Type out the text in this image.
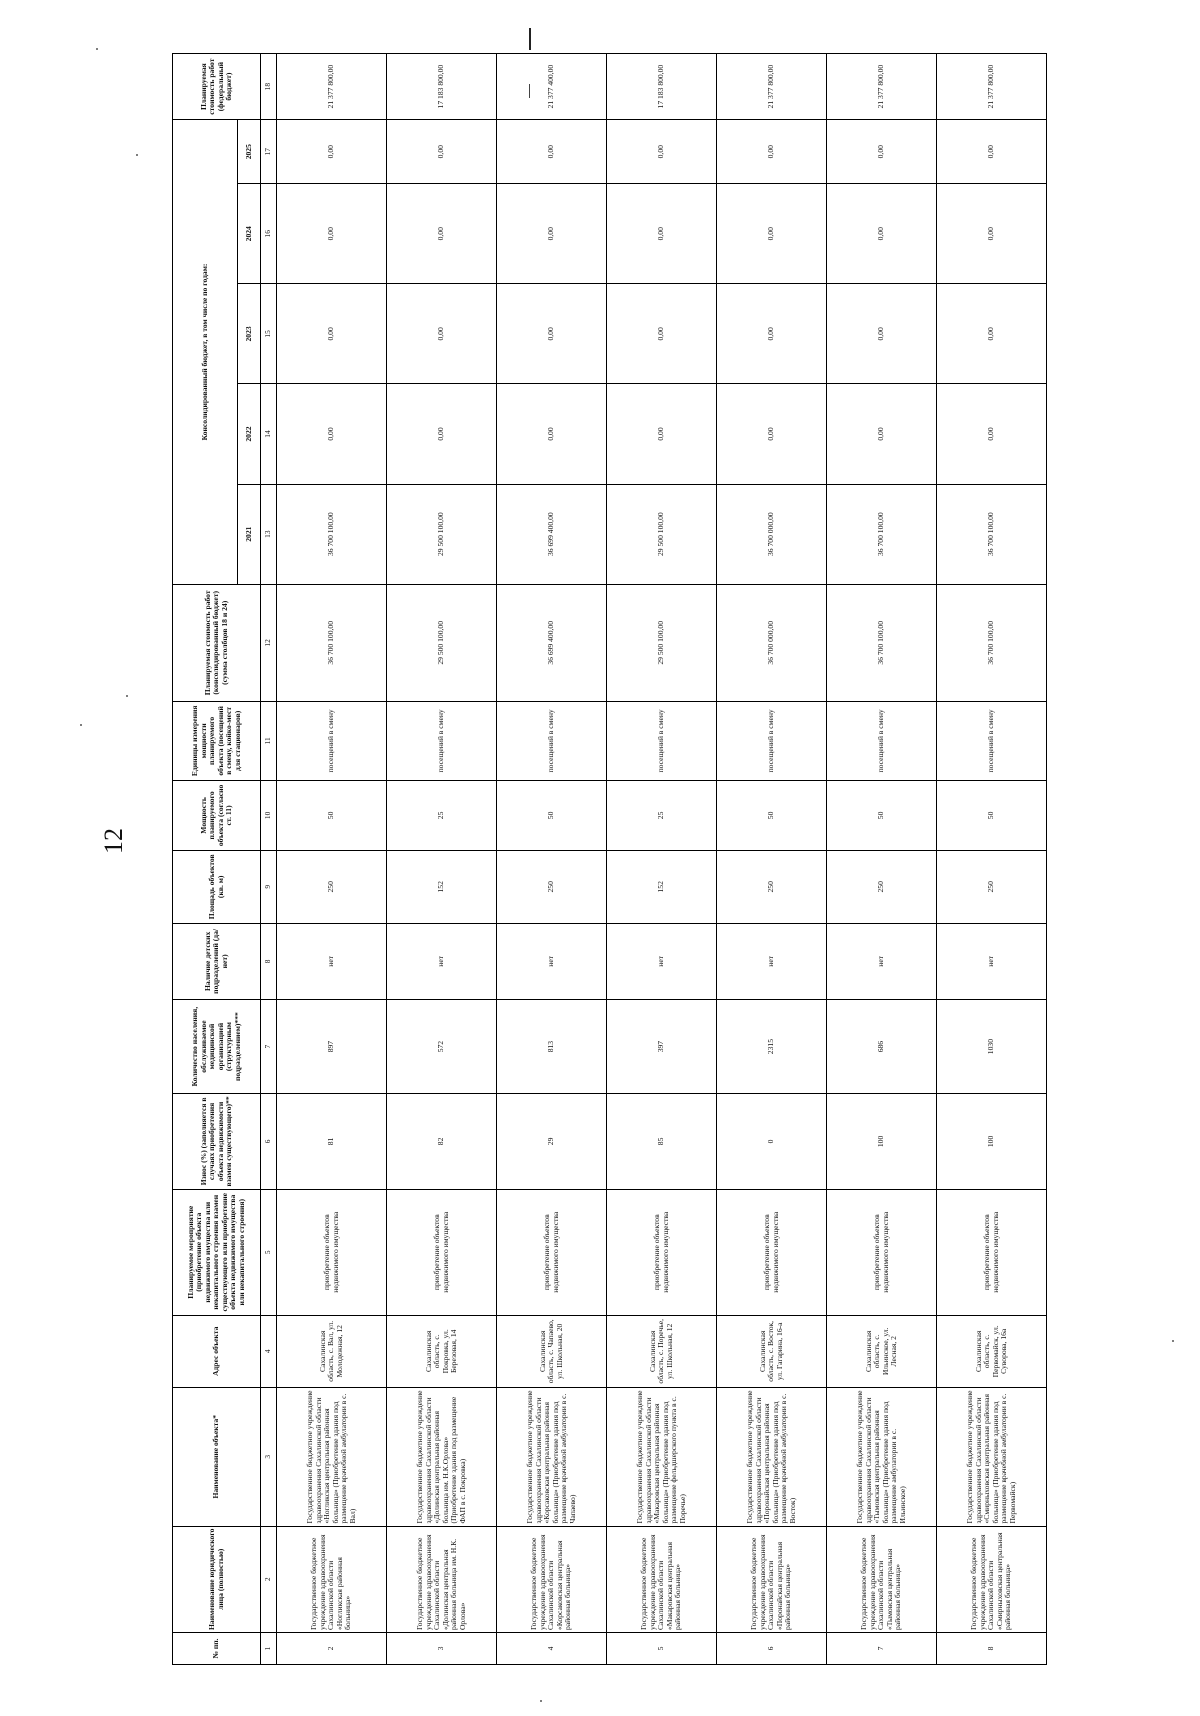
12
№ пп.	Наименование юридического лица (полностью)	Наименование объекта*	Адрес объекта	Планируемое мероприятие (приобретение объекта недвижимого имущества или некапитального строения взамен существующего или приобретение объекта недвижимого имущества или некапитального строения)	Износ (%) (заполняется в случаях приобретения объекта недвижимости взамен существующего)**	Количество населения, обслуживаемое медицинской организацией (структурным подразделением)***	Наличие детских подразделений (да/нет)	Площадь объектов (кв. м)	Мощность планируемого объекта (согласно ст. 11)	Единицы измерения мощности планируемого объекта (посещений в смену, койко-мест для стационаров)	Планируемая стоимость работ (консолидированный бюджет) (сумма столбцов 18 и 24)	Консолидированный бюджет, в том числе по годам:					Планируемая стоимость работ (федеральный бюджет)
												2021	2022	2023	2024	2025	
1	2	3	4	5	6	7	8	9	10	11	12	13	14	15	16	17	18
2	Государственное бюджетное учреждение здравоохранения Сахалинской области «Ногликская районная больница»	Государственное бюджетное учреждение здравоохранения Сахалинской области «Ногликская центральная районная больница» (Приобретение здания под размещение врачебной амбулатории в с. Вал)	Сахалинская область, с. Вал, ул. Молодежная, 12	приобретение объектов недвижимого имущества	81	897	нет	250	50	посещений в смену	36 700 100,00	36 700 100,00	0,00	0,00	0,00	0,00	21 377 800,00
3	Государственное бюджетное учреждение здравоохранения Сахалинской области «Долинская центральная районная больница им. Н.К. Орлова»	Государственное бюджетное учреждение здравоохранения Сахалинской области «Долинская центральная районная больница им. Н.К.Орлова» (Приобретение здания под размещение ФАП в с. Покровка)	Сахалинская область, с. Покровка, ул. Березовая, 14	приобретение объектов недвижимого имущества	82	572	нет	152	25	посещений в смену	29 500 100,00	29 500 100,00	0,00	0,00	0,00	0,00	17 183 800,00
4	Государственное бюджетное учреждение здравоохранения Сахалинской области «Корсаковская центральная районная больница»	Государственное бюджетное учреждение здравоохранения Сахалинской области «Корсаковская центральная районная больница» (Приобретение здания под размещение врачебной амбулатории в с. Чапаево)	Сахалинская область, с. Чапаево, ул. Школьная, 20	приобретение объектов недвижимого имущества	29	813	нет	250	50	посещений в смену	36 699 400,00	36 699 400,00	0,00	0,00	0,00	0,00	21 377 400,00
5	Государственное бюджетное учреждение здравоохранения Сахалинской области «Макаровская центральная районная больница»	Государственное бюджетное учреждение здравоохранения Сахалинской области «Макаровская центральная районная больница» (Приобретение здания под размещение фельдшерского пункта в с. Поречье)	Сахалинская область, с. Поречье, ул. Школьная, 12	приобретение объектов недвижимого имущества	85	397	нет	152	25	посещений в смену	29 500 100,00	29 500 100,00	0,00	0,00	0,00	0,00	17 183 800,00
6	Государственное бюджетное учреждение здравоохранения Сахалинской области «Поронайская центральная районная больница»	Государственное бюджетное учреждение здравоохранения Сахалинской области «Поронайская центральная районная больница» (Приобретение здания под размещение врачебной амбулатории в с. Восток)	Сахалинская область, с. Восток, ул. Гагарина, 16-а	приобретение объектов недвижимого имущества	0	2315	нет	250	50	посещений в смену	36 700 000,00	36 700 000,00	0,00	0,00	0,00	0,00	21 377 800,00
7	Государственное бюджетное учреждение здравоохранения Сахалинской области «Тымовская центральная районная больница»	Государственное бюджетное учреждение здравоохранения Сахалинской области «Тымовская центральная районная больница» (Приобретение здания под размещение амбулатории в с. Ильинское)	Сахалинская область, с. Ильинское, ул. Лесная, 2	приобретение объектов недвижимого имущества	100	686	нет	250	50	посещений в смену	36 700 100,00	36 700 100,00	0,00	0,00	0,00	0,00	21 377 800,00
8	Государственное бюджетное учреждение здравоохранения Сахалинской области «Смирныховская центральная районная больница»	Государственное бюджетное учреждение здравоохранения Сахалинской области «Смирныховская центральная районная больница» (Приобретение здания под размещение врачебной амбулатории в с. Первомайск)	Сахалинская область, с. Первомайск, ул. Суворова, 16а	приобретение объектов недвижимого имущества	100	1030	нет	250	50	посещений в смену	36 700 100,00	36 700 100,00	0,00	0,00	0,00	0,00	21 377 800,00
